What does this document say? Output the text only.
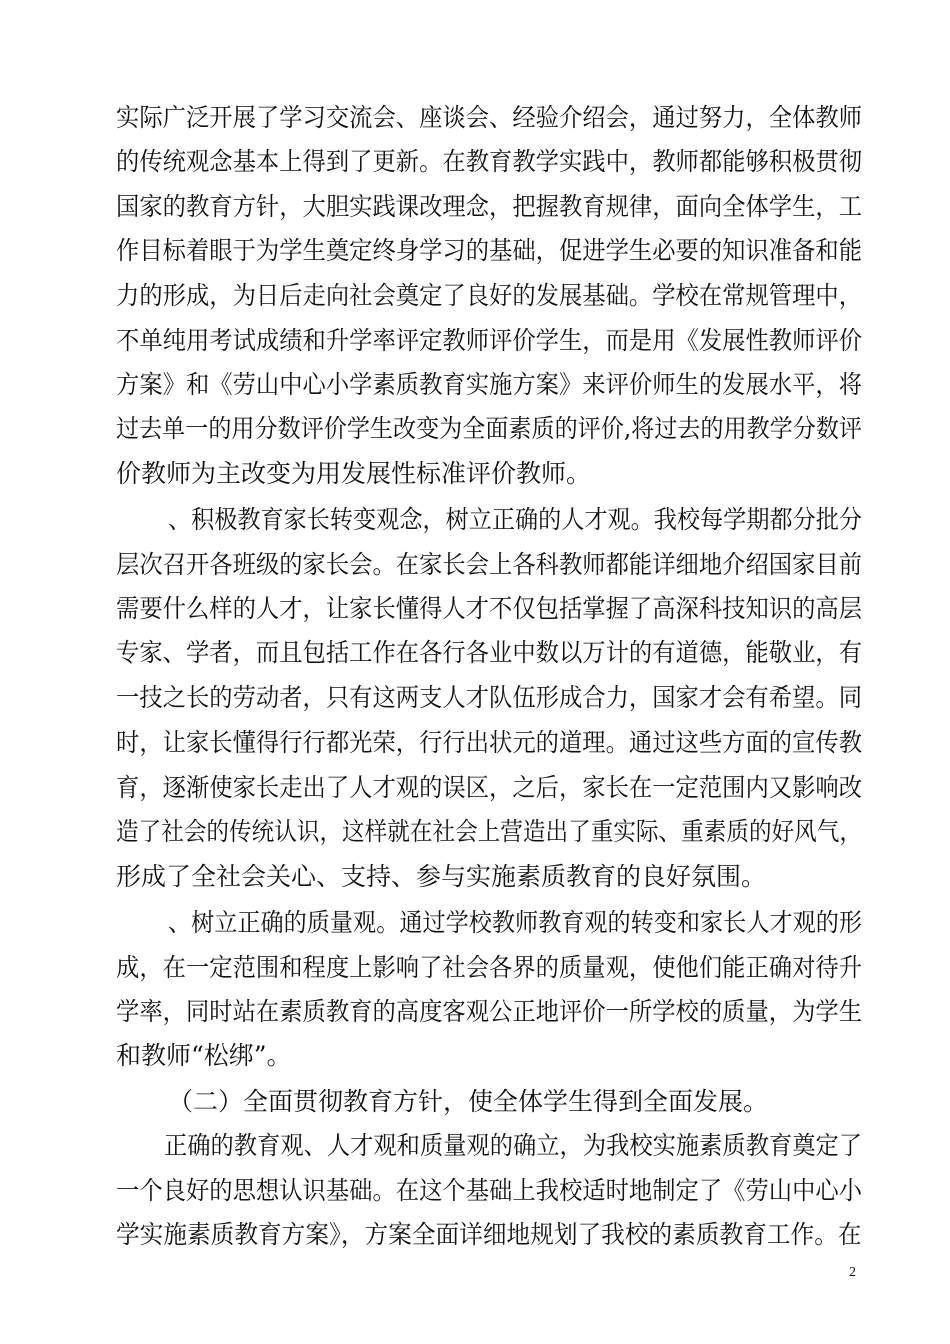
实际广泛开展了学习交流会、座谈会、经验介绍会，通过努力，全体教师
的传统观念基本上得到了更新。在教育教学实践中，教师都能够积极贯彻
国家的教育方针，大胆实践课改理念，把握教育规律，面向全体学生，工
作目标着眼于为学生奠定终身学习的基础，促进学生必要的知识准备和能
力的形成，为日后走向社会奠定了良好的发展基础。学校在常规管理中，
不单纯用考试成绩和升学率评定教师评价学生，而是用《发展性教师评价
方案》和《劳山中心小学素质教育实施方案》来评价师生的发展水平，将
过去单一的用分数评价学生改变为全面素质的评价,将过去的用教学分数评
价教师为主改变为用发展性标准评价教师。
、积极教育家长转变观念，树立正确的人才观。我校每学期都分批分
层次召开各班级的家长会。在家长会上各科教师都能详细地介绍国家目前
需要什么样的人才，让家长懂得人才不仅包括掌握了高深科技知识的高层
专家、学者，而且包括工作在各行各业中数以万计的有道德，能敬业，有
一技之长的劳动者，只有这两支人才队伍形成合力，国家才会有希望。同
时，让家长懂得行行都光荣，行行出状元的道理。通过这些方面的宣传教
育，逐渐使家长走出了人才观的误区，之后，家长在一定范围内又影响改
造了社会的传统认识，这样就在社会上营造出了重实际、重素质的好风气，
形成了全社会关心、支持、参与实施素质教育的良好氛围。
、树立正确的质量观。通过学校教师教育观的转变和家长人才观的形
成，在一定范围和程度上影响了社会各界的质量观，使他们能正确对待升
学率，同时站在素质教育的高度客观公正地评价一所学校的质量，为学生
和教师“松绑”。
（二）全面贯彻教育方针，使全体学生得到全面发展。
正确的教育观、人才观和质量观的确立，为我校实施素质教育奠定了
一个良好的思想认识基础。在这个基础上我校适时地制定了《劳山中心小
学实施素质教育方案》，方案全面详细地规划了我校的素质教育工作。在
2
